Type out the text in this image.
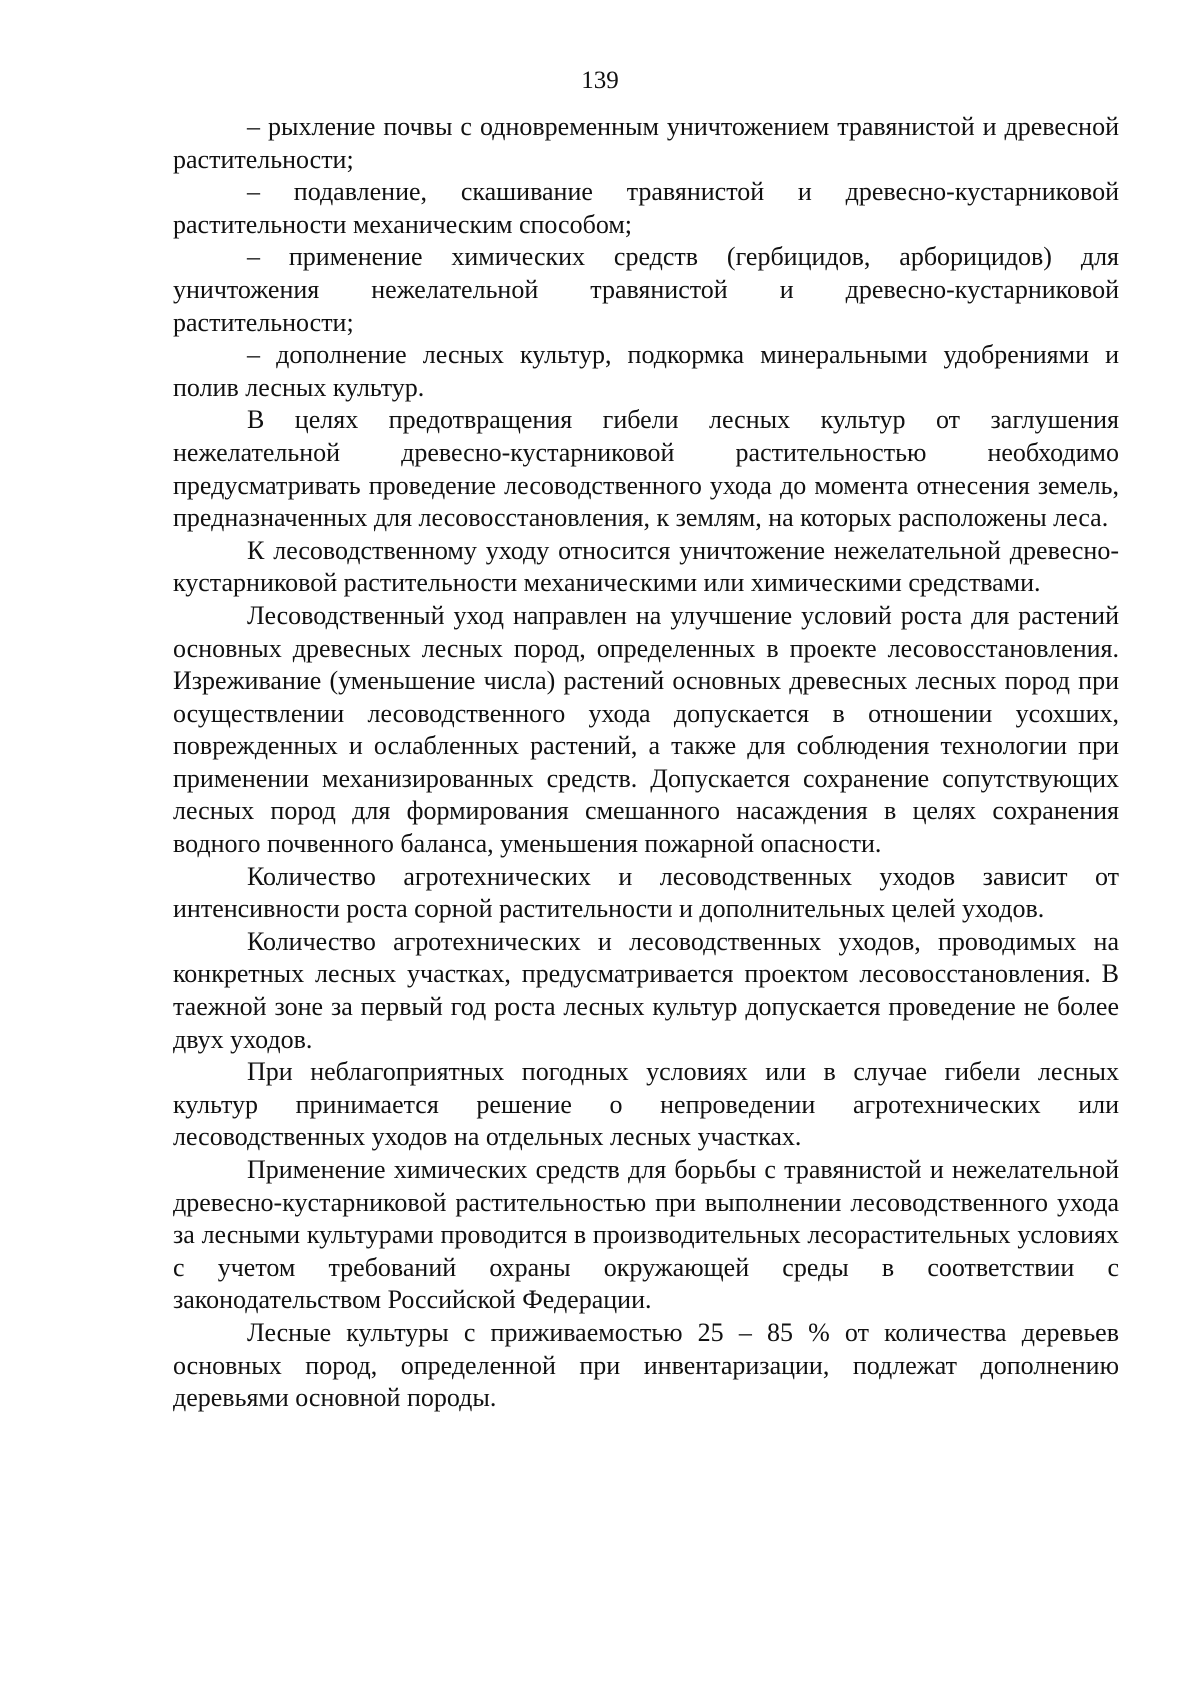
139

– рыхление почвы с одновременным уничтожением травянистой и древесной растительности;

– подавление, скашивание травянистой и древесно-кустарниковой растительности механическим способом;

– применение химических средств (гербицидов, арборицидов) для уничтожения нежелательной травянистой и древесно-кустарниковой растительности;

– дополнение лесных культур, подкормка минеральными удобрениями и полив лесных культур.

В целях предотвращения гибели лесных культур от заглушения нежелательной древесно-кустарниковой растительностью необходимо предусматривать проведение лесоводственного ухода до момента отнесения земель, предназначенных для лесовосстановления, к землям, на которых расположены леса.

К лесоводственному уходу относится уничтожение нежелательной древесно-кустарниковой растительности механическими или химическими средствами.

Лесоводственный уход направлен на улучшение условий роста для растений основных древесных лесных пород, определенных в проекте лесовосстановления. Изреживание (уменьшение числа) растений основных древесных лесных пород при осуществлении лесоводственного ухода допускается в отношении усохших, поврежденных и ослабленных растений, а также для соблюдения технологии при применении механизированных средств. Допускается сохранение сопутствующих лесных пород для формирования смешанного насаждения в целях сохранения водного почвенного баланса, уменьшения пожарной опасности.

Количество агротехнических и лесоводственных уходов зависит от интенсивности роста сорной растительности и дополнительных целей уходов.

Количество агротехнических и лесоводственных уходов, проводимых на конкретных лесных участках, предусматривается проектом лесовосстановления. В таежной зоне за первый год роста лесных культур допускается проведение не более двух уходов.

При неблагоприятных погодных условиях или в случае гибели лесных культур принимается решение о непроведении агротехнических или лесоводственных уходов на отдельных лесных участках.

Применение химических средств для борьбы с травянистой и нежелательной древесно-кустарниковой растительностью при выполнении лесоводственного ухода за лесными культурами проводится в производительных лесорастительных условиях с учетом требований охраны окружающей среды в соответствии с законодательством Российской Федерации.

Лесные культуры с приживаемостью 25 – 85 % от количества деревьев основных пород, определенной при инвентаризации, подлежат дополнению деревьями основной породы.
